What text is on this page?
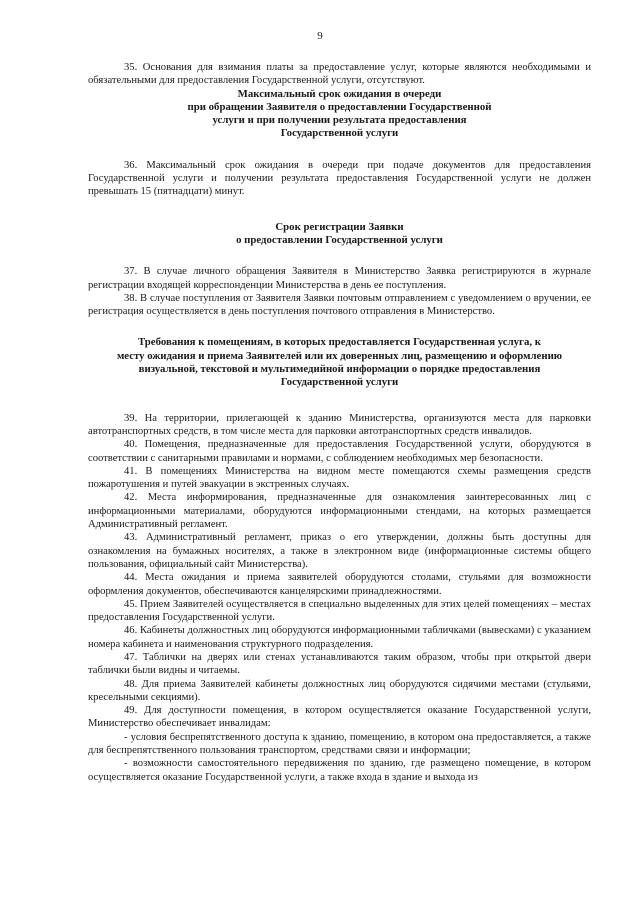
9

35. Основания для взимания платы за предоставление услуг, которые являются необходимыми и обязательными для предоставления Государственной услуги, отсутствуют.

Максимальный срок ожидания в очереди
при обращении Заявителя о предоставлении Государственной
услуги и при получении результата предоставления
Государственной услуги

36. Максимальный срок ожидания в очереди при подаче документов для предоставления Государственной услуги и получении результата предоставления Государственной услуги не должен превышать 15 (пятнадцати) минут.

Срок регистрации Заявки
о предоставлении Государственной услуги

37. В случае личного обращения Заявителя в Министерство Заявка регистрируются в журнале регистрации входящей корреспонденции Министерства в день ее поступления.

38. В случае поступления от Заявителя Заявки почтовым отправлением с уведомлением о вручении, ее регистрация осуществляется в день поступления почтового отправления в Министерство.

Требования к помещениям, в которых предоставляется Государственная услуга, к
месту ожидания и приема Заявителей или их доверенных лиц, размещению и оформлению
визуальной, текстовой и мультимедийной информации о порядке предоставления
Государственной услуги

39. На территории, прилегающей к зданию Министерства, организуются места для парковки автотранспортных средств, в том числе места для парковки автотранспортных средств инвалидов.

40. Помещения, предназначенные для предоставления Государственной услуги, оборудуются в соответствии с санитарными правилами и нормами, с соблюдением необходимых мер безопасности.

41. В помещениях Министерства на видном месте помещаются схемы размещения средств пожаротушения и путей эвакуации в экстренных случаях.

42. Места информирования, предназначенные для ознакомления заинтересованных лиц с информационными материалами, оборудуются информационными стендами, на которых размещается Административный регламент.

43. Административный регламент, приказ о его утверждении, должны быть доступны для ознакомления на бумажных носителях, а также в электронном виде (информационные системы общего пользования, официальный сайт Министерства).

44. Места ожидания и приема заявителей оборудуются столами, стульями для возможности оформления документов, обеспечиваются канцелярскими принадлежностями.

45. Прием Заявителей осуществляется в специально выделенных для этих целей помещениях – местах предоставления Государственной услуги.

46. Кабинеты должностных лиц оборудуются информационными табличками (вывесками) с указанием номера кабинета и наименования структурного подразделения.

47. Таблички на дверях или стенах устанавливаются таким образом, чтобы при открытой двери таблички были видны и читаемы.

48. Для приема Заявителей кабинеты должностных лиц оборудуются сидячими местами (стульями, кресельными секциями).

49. Для доступности помещения, в котором осуществляется оказание Государственной услуги, Министерство обеспечивает инвалидам:

- условия беспрепятственного доступа к зданию, помещению, в котором она предоставляется, а также для беспрепятственного пользования транспортом, средствами связи и информации;

- возможности самостоятельного передвижения по зданию, где размещено помещение, в котором осуществляется оказание Государственной услуги, а также входа в здание и выхода из
